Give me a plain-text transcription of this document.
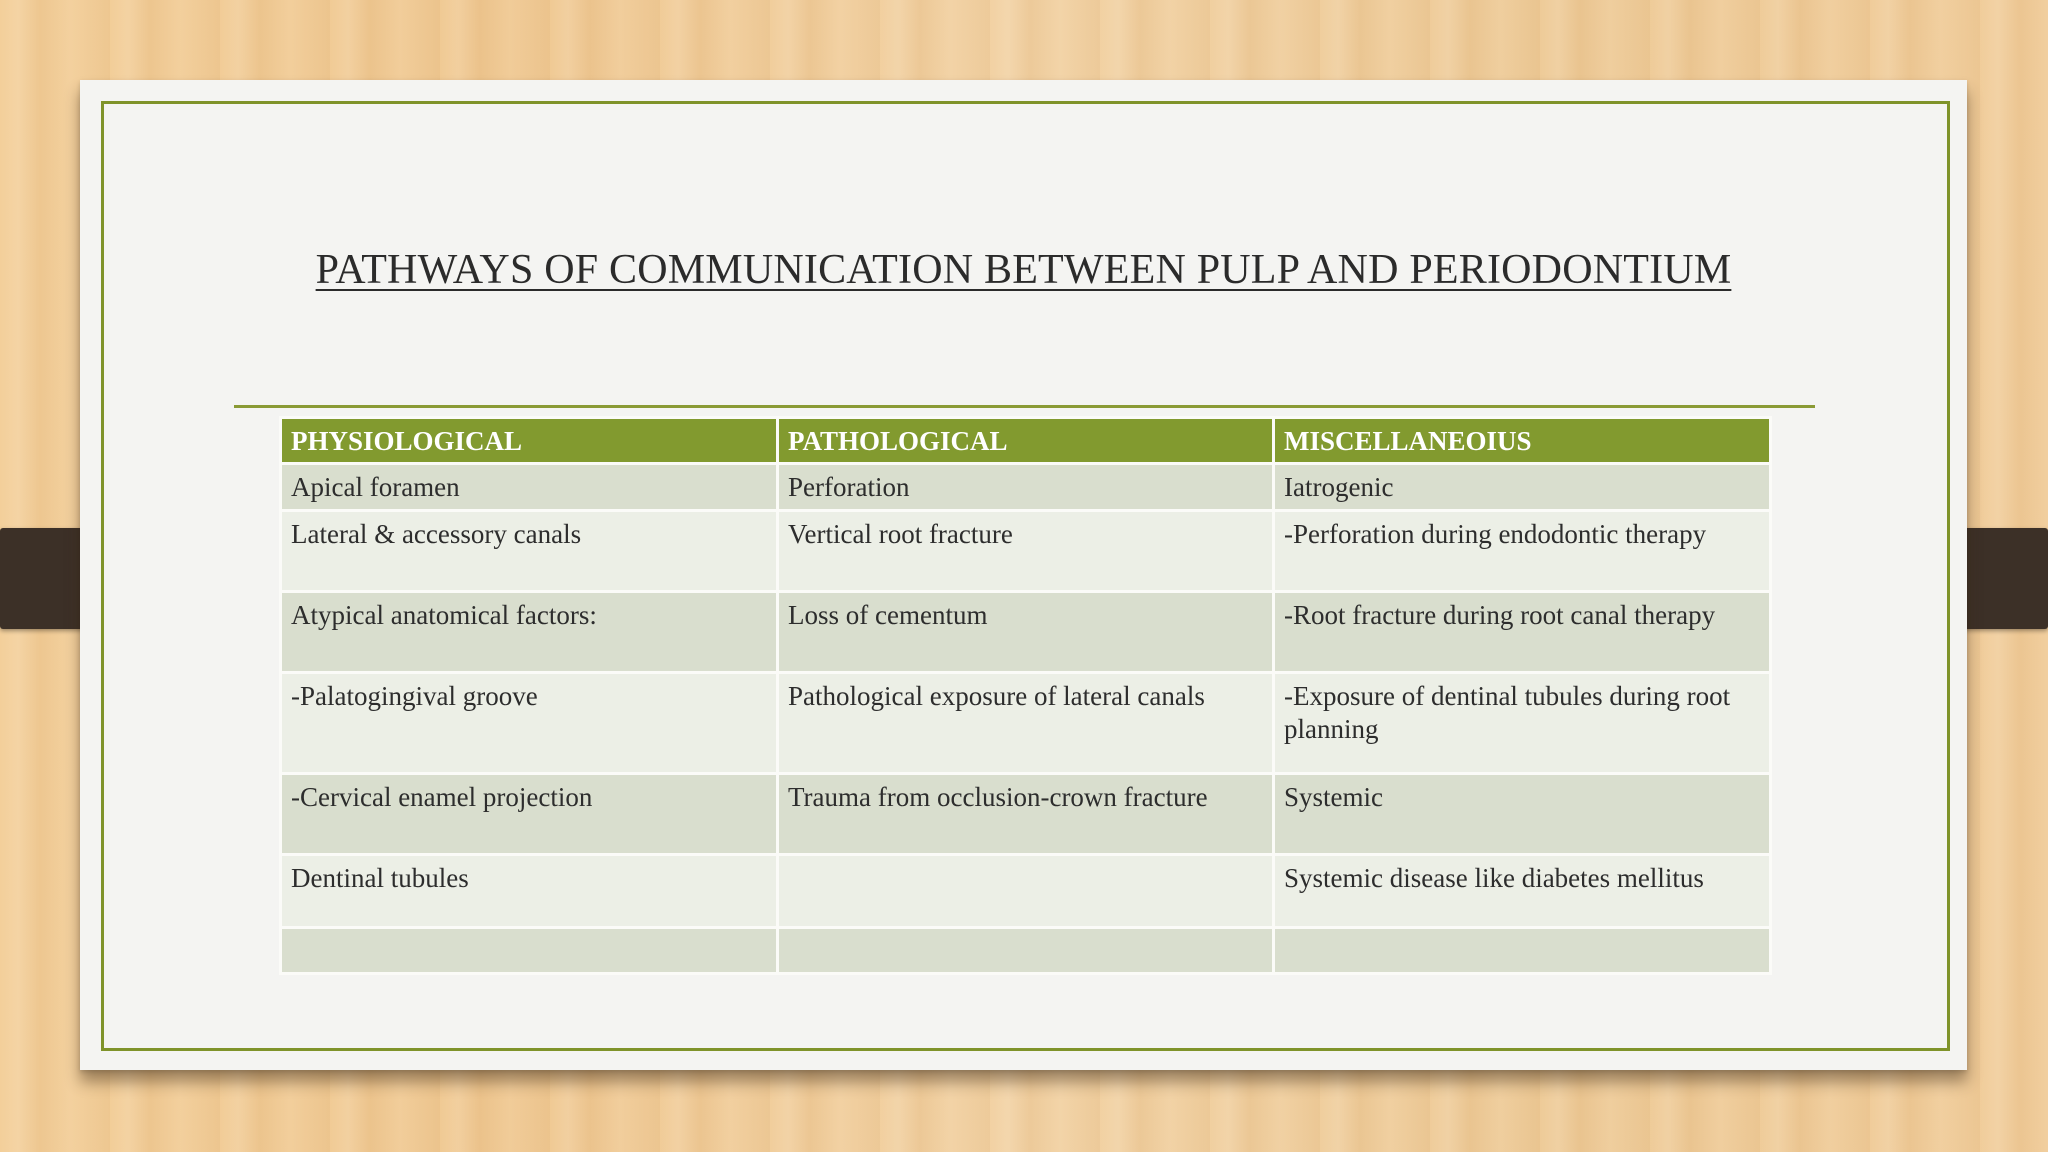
PATHWAYS OF COMMUNICATION BETWEEN PULP AND PERIODONTIUM
PHYSIOLOGICAL	PATHOLOGICAL	MISCELLANEOIUS
Apical foramen	Perforation	Iatrogenic
Lateral & accessory canals	Vertical root fracture	-Perforation during endodontic therapy
Atypical anatomical factors:	Loss of cementum	-Root fracture during root canal therapy
-Palatogingival groove	Pathological exposure of lateral canals	-Exposure of dentinal tubules during root planning
-Cervical enamel projection	Trauma from occlusion-crown fracture	Systemic
Dentinal tubules		Systemic disease like diabetes mellitus
